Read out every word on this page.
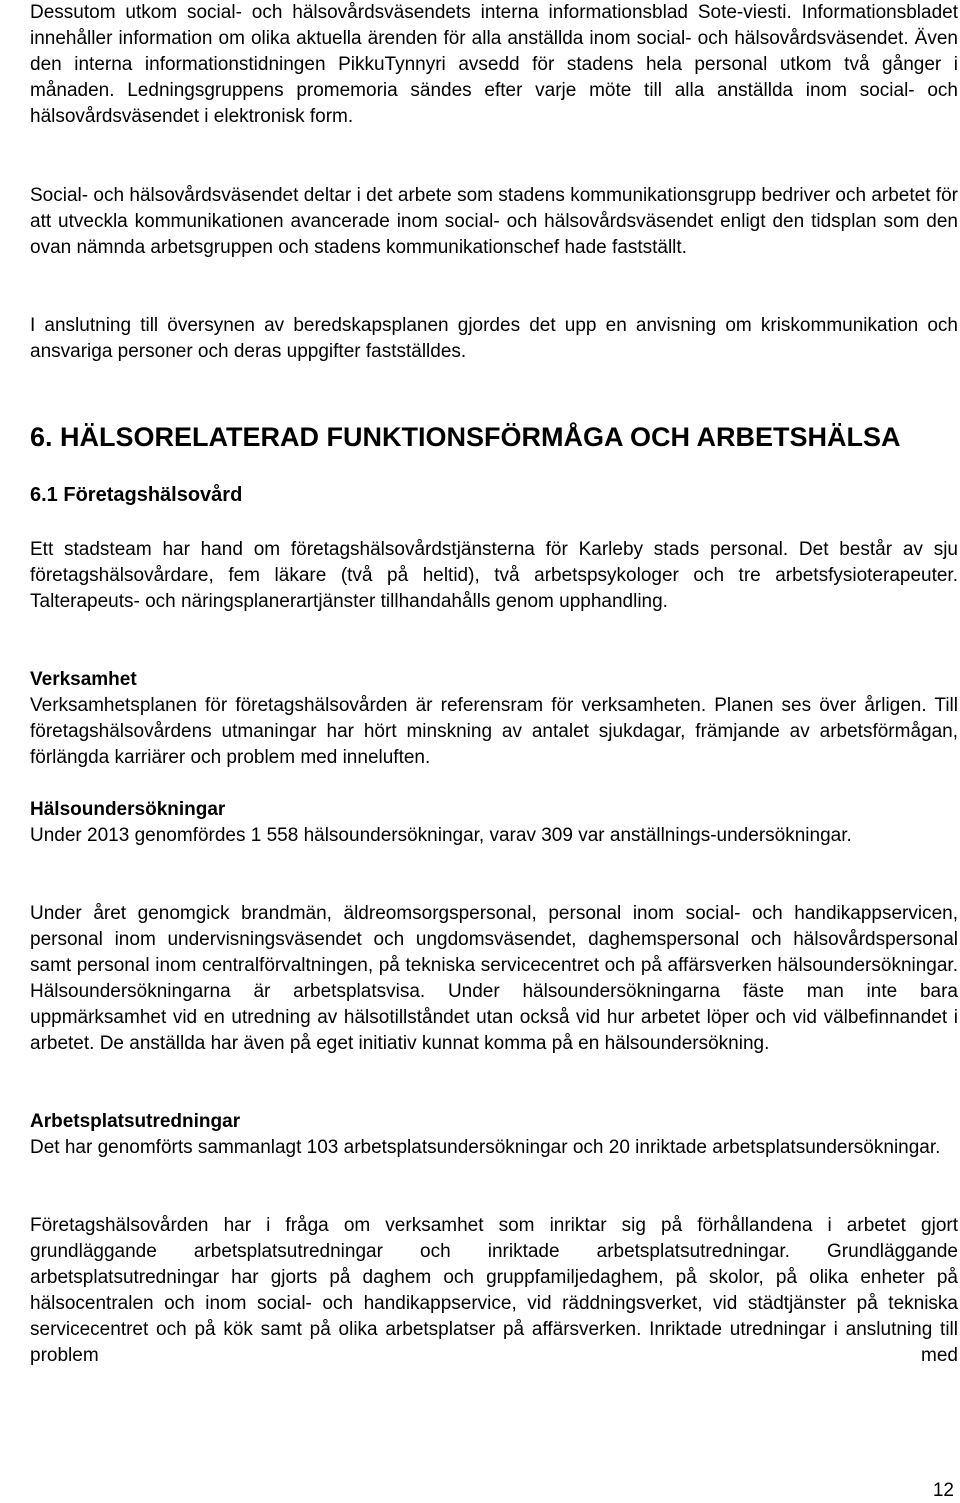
Dessutom utkom social- och hälsovårdsväsendets interna informationsblad Sote-viesti. Informationsbladet innehåller information om olika aktuella ärenden för alla anställda inom social- och hälsovårdsväsendet. Även den interna informationstidningen PikkuTynnyri avsedd för stadens hela personal utkom två gånger i månaden. Ledningsgruppens promemoria sändes efter varje möte till alla anställda inom social- och hälsovårdsväsendet i elektronisk form.

Social- och hälsovårdsväsendet deltar i det arbete som stadens kommunikationsgrupp bedriver och arbetet för att utveckla kommunikationen avancerade inom social- och hälsovårdsväsendet enligt den tidsplan som den ovan nämnda arbetsgruppen och stadens kommunikationschef hade fastställt.

I anslutning till översynen av beredskapsplanen gjordes det upp en anvisning om kriskommunikation och ansvariga personer och deras uppgifter fastställdes.

6. HÄLSORELATERAD FUNKTIONSFÖRMÅGA OCH ARBETSHÄLSA
6.1 Företagshälsovård

Ett stadsteam har hand om företagshälsovårdstjänsterna för Karleby stads personal. Det består av sju företagshälsovårdare, fem läkare (två på heltid), två arbetspsykologer och tre arbetsfysioterapeuter. Talterapeuts- och näringsplanerartjänster tillhandahålls genom upphandling.

Verksamhet

Verksamhetsplanen för företagshälsovården är referensram för verksamheten. Planen ses över årligen. Till företagshälsovårdens utmaningar har hört minskning av antalet sjukdagar, främjande av arbetsförmågan, förlängda karriärer och problem med inneluften.

Hälsoundersökningar

Under 2013 genomfördes 1 558 hälsoundersökningar, varav 309 var anställnings-undersökningar.

Under året genomgick brandmän, äldreomsorgspersonal, personal inom social- och handikappservicen, personal inom undervisningsväsendet och ungdomsväsendet, daghemspersonal och hälsovårdspersonal samt personal inom centralförvaltningen, på tekniska servicecentret och på affärsverken hälsoundersökningar. Hälsoundersökningarna är arbetsplatsvisa. Under hälsoundersökningarna fäste man inte bara uppmärksamhet vid en utredning av hälsotillståndet utan också vid hur arbetet löper och vid välbefinnandet i arbetet. De anställda har även på eget initiativ kunnat komma på en hälsoundersökning.

Arbetsplatsutredningar

Det har genomförts sammanlagt 103 arbetsplatsundersökningar och 20 inriktade arbetsplatsundersökningar.

Företagshälsovården har i fråga om verksamhet som inriktar sig på förhållandena i arbetet gjort grundläggande arbetsplatsutredningar och inriktade arbetsplatsutredningar. Grundläggande arbetsplatsutredningar har gjorts på daghem och gruppfamiljedaghem, på skolor, på olika enheter på hälsocentralen och inom social- och handikappservice, vid räddningsverket, vid städtjänster på tekniska servicecentret och på kök samt på olika arbetsplatser på affärsverken. Inriktade utredningar i anslutning till problem med

12
